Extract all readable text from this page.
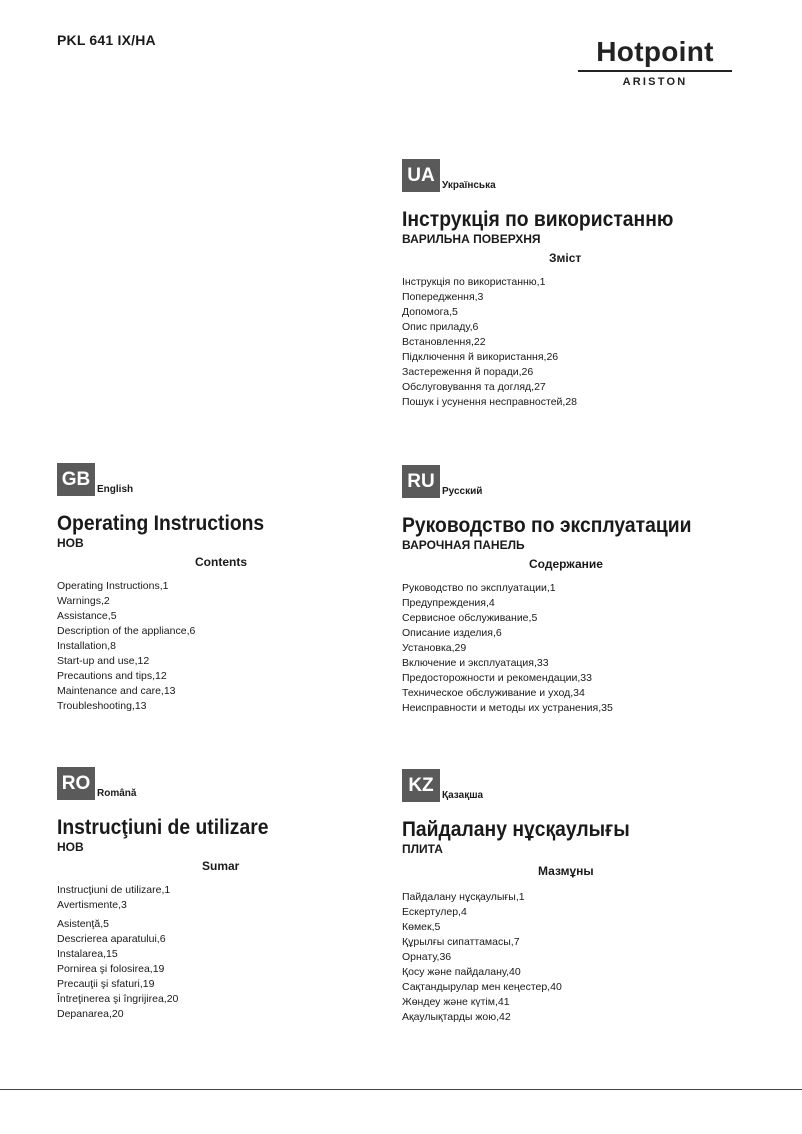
PKL 641 IX/HA	Hotpoint
ARISTON
UA Українська
Інструкція по використанню
ВАРИЛЬНА ПОВЕРХНЯ
Зміст
Інструкція по використанню,1
Попередження,3
Допомога,5
Опис приладу,6
Встановлення,22
Підключення й використання,26
Застереження й поради,26
Обслуговування та догляд,27
Пошук і усунення несправностей,28
GB English
Operating Instructions
HOB
Contents
Operating Instructions,1
Warnings,2
Assistance,5
Description of the appliance,6
Installation,8
Start-up and use,12
Precautions and tips,12
Maintenance and care,13
Troubleshooting,13
RU Русский
Руководство по эксплуатации
ВАРОЧНАЯ ПАНЕЛЬ
Содержание
Руководство по эксплуатации,1
Предупреждения,4
Сервисное обслуживание,5
Описание изделия,6
Установка,29
Включение и эксплуатация,33
Предосторожности и рекомендации,33
Техническое обслуживание и уход,34
Неисправности и методы их устранения,35
RO Română
Instrucţiuni de utilizare
HOB
Sumar
Instrucţiuni de utilizare,1
Avertismente,3
Asistenţă,5
Descrierea aparatului,6
Instalarea,15
Pornirea şi folosirea,19
Precauţii şi sfaturi,19
Întreţinerea şi îngrijirea,20
Depanarea,20
KZ Қазақша
Пайдалану нұсқаулығы
ПЛИТА
Мазмұны
Пайдалану нұсқаулығы,1
Ескертулер,4
Көмек,5
Құрылғы сипаттамасы,7
Орнату,36
Қосу және пайдалану,40
Сақтандырулар мен кеңестер,40
Жөндеу және күтім,41
Ақаулықтарды жою,42
